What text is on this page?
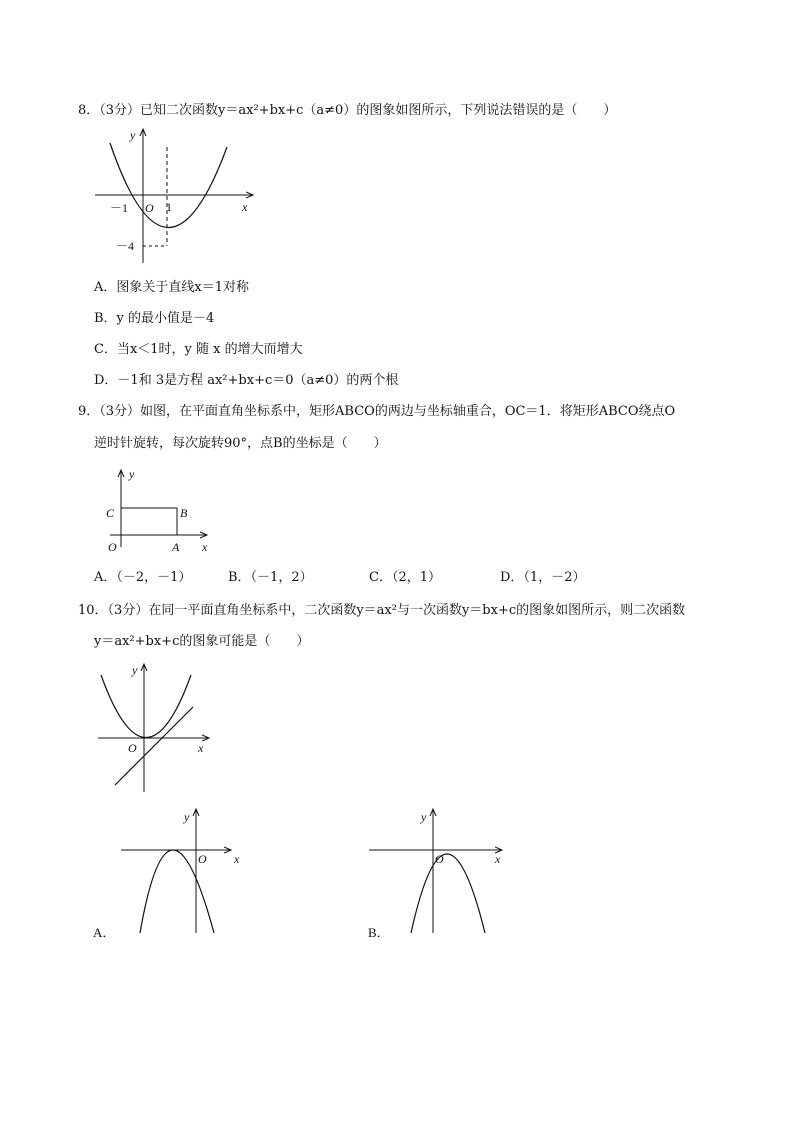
8．（3分）已知二次函数y＝ax²+bx+c（a≠0）的图象如图所示，下列说法错误的是（　　）
y
x
O
－1	1
－4
A．图象关于直线x＝1对称
B．y 的最小值是－4
C．当x＜1时，y 随 x 的增大而增大
D．－1和 3是方程 ax²+bx+c＝0（a≠0）的两个根
9．（3分）如图，在平面直角坐标系中，矩形ABCO的两边与坐标轴重合，OC＝1．将矩形ABCO绕点O
逆时针旋转，每次旋转90°，点B的坐标是（　　）
y
C	B
O	A x
A．（－2，－1）	B．（－1，2）	C．（2，1）	D．（1，－2）
10．（3分）在同一平面直角坐标系中，二次函数y＝ax²与一次函数y＝bx+c的图象如图所示，则二次函数
y＝ax²+bx+c的图象可能是（　　）
y
O	x
y
O x
A．
y
O	x
B．
